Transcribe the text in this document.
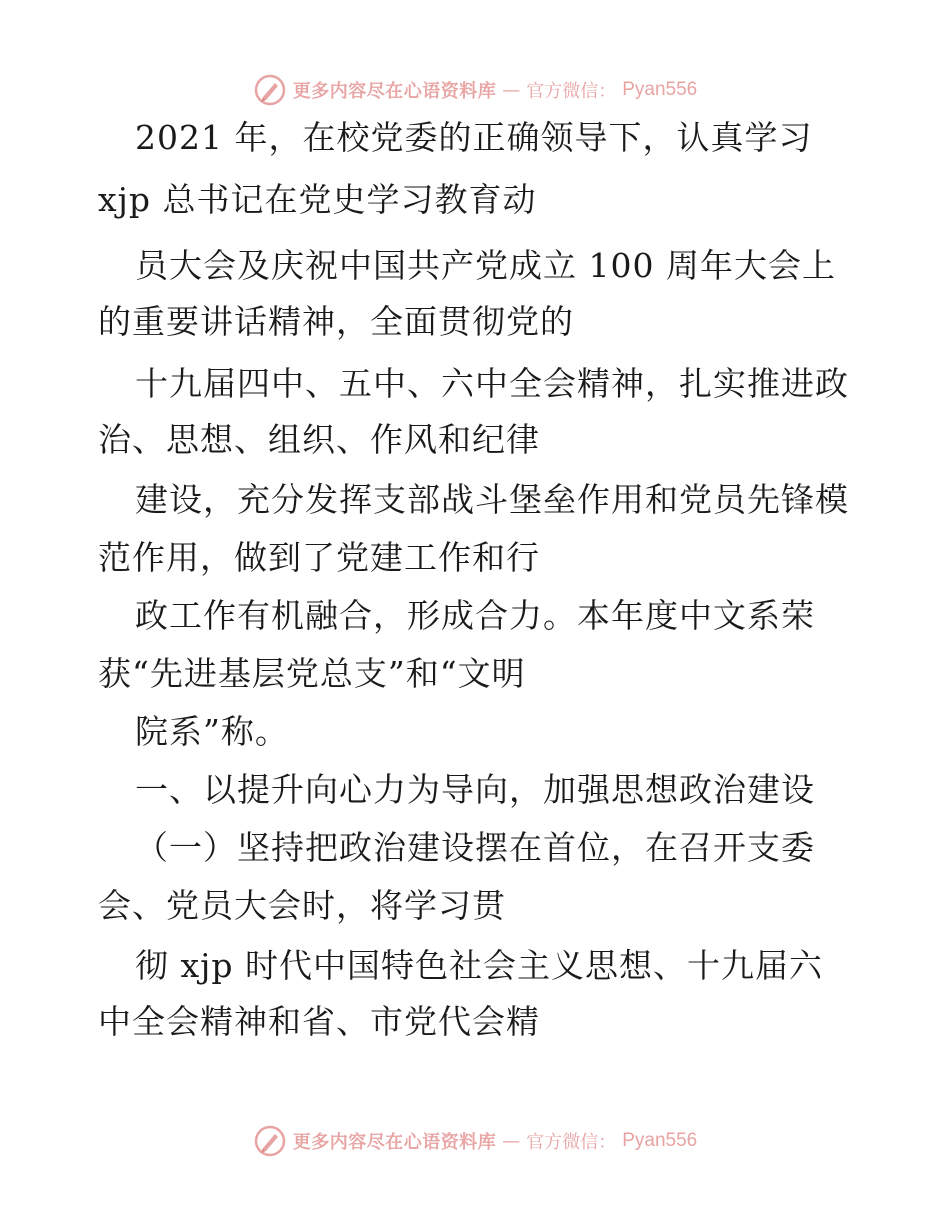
更多内容尽在心语资料库 — 官方微信： Pyan556
2021 年，在校党委的正确领导下，认真学习
xjp 总书记在党史学习教育动
员大会及庆祝中国共产党成立 100 周年大会上
的重要讲话精神，全面贯彻党的
十九届四中、五中、六中全会精神，扎实推进政
治、思想、组织、作风和纪律
建设，充分发挥支部战斗堡垒作用和党员先锋模
范作用，做到了党建工作和行
政工作有机融合，形成合力。本年度中文系荣
获“先进基层党总支”和“文明
院系”称。
一、以提升向心力为导向，加强思想政治建设
（一）坚持把政治建设摆在首位，在召开支委
会、党员大会时，将学习贯
彻 xjp 时代中国特色社会主义思想、十九届六
中全会精神和省、市党代会精
更多内容尽在心语资料库 — 官方微信： Pyan556
